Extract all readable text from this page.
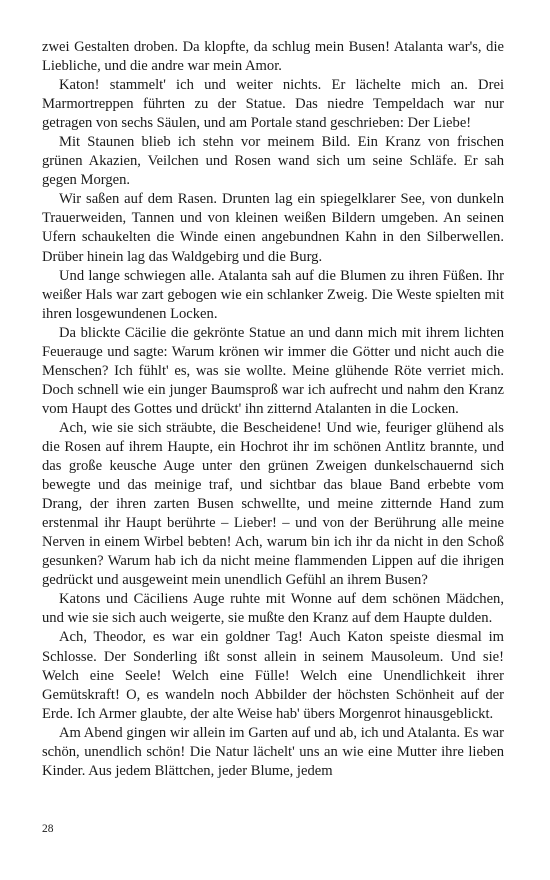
zwei Gestalten droben. Da klopfte, da schlug mein Busen! Atalanta war's, die Liebliche, und die andre war mein Amor.

Katon! stammelt' ich und weiter nichts. Er lächelte mich an. Drei Marmortreppen führten zu der Statue. Das niedre Tempeldach war nur getragen von sechs Säulen, und am Portale stand geschrieben: Der Liebe!

Mit Staunen blieb ich stehn vor meinem Bild. Ein Kranz von frischen grünen Akazien, Veilchen und Rosen wand sich um seine Schläfe. Er sah gegen Morgen.

Wir saßen auf dem Rasen. Drunten lag ein spiegelklarer See, von dunkeln Trauerweiden, Tannen und von kleinen weißen Bildern umgeben. An seinen Ufern schaukelten die Winde einen angebundnen Kahn in den Silberwellen. Drüber hinein lag das Waldgebirg und die Burg.

Und lange schwiegen alle. Atalanta sah auf die Blumen zu ihren Füßen. Ihr weißer Hals war zart gebogen wie ein schlanker Zweig. Die Weste spielten mit ihren losgewundenen Locken.

Da blickte Cäcilie die gekrönte Statue an und dann mich mit ihrem lichten Feuerauge und sagte: Warum krönen wir immer die Götter und nicht auch die Menschen? Ich fühlt' es, was sie wollte. Meine glühende Röte verriet mich. Doch schnell wie ein junger Baumsproß war ich aufrecht und nahm den Kranz vom Haupt des Gottes und drückt' ihn zitternd Atalanten in die Locken.

Ach, wie sie sich sträubte, die Bescheidene! Und wie, feuriger glühend als die Rosen auf ihrem Haupte, ein Hochrot ihr im schönen Antlitz brannte, und das große keusche Auge unter den grünen Zweigen dunkelschauernd sich bewegte und das meinige traf, und sichtbar das blaue Band erbebte vom Drang, der ihren zarten Busen schwellte, und meine zitternde Hand zum erstenmal ihr Haupt berührte – Lieber! – und von der Berührung alle meine Nerven in einem Wirbel bebten! Ach, warum bin ich ihr da nicht in den Schoß gesunken? Warum hab ich da nicht meine flammenden Lippen auf die ihrigen gedrückt und ausgeweint mein unendlich Gefühl an ihrem Busen?

Katons und Cäciliens Auge ruhte mit Wonne auf dem schönen Mädchen, und wie sie sich auch weigerte, sie mußte den Kranz auf dem Haupte dulden.

Ach, Theodor, es war ein goldner Tag! Auch Katon speiste diesmal im Schlosse. Der Sonderling ißt sonst allein in seinem Mausoleum. Und sie! Welch eine Seele! Welch eine Fülle! Welch eine Unendlichkeit ihrer Gemütskraft! O, es wandeln noch Abbilder der höchsten Schönheit auf der Erde. Ich Armer glaubte, der alte Weise hab' übers Morgenrot hinausgeblickt.

Am Abend gingen wir allein im Garten auf und ab, ich und Atalanta. Es war schön, unendlich schön! Die Natur lächelt' uns an wie eine Mutter ihre lieben Kinder. Aus jedem Blättchen, jeder Blume, jedem

28
